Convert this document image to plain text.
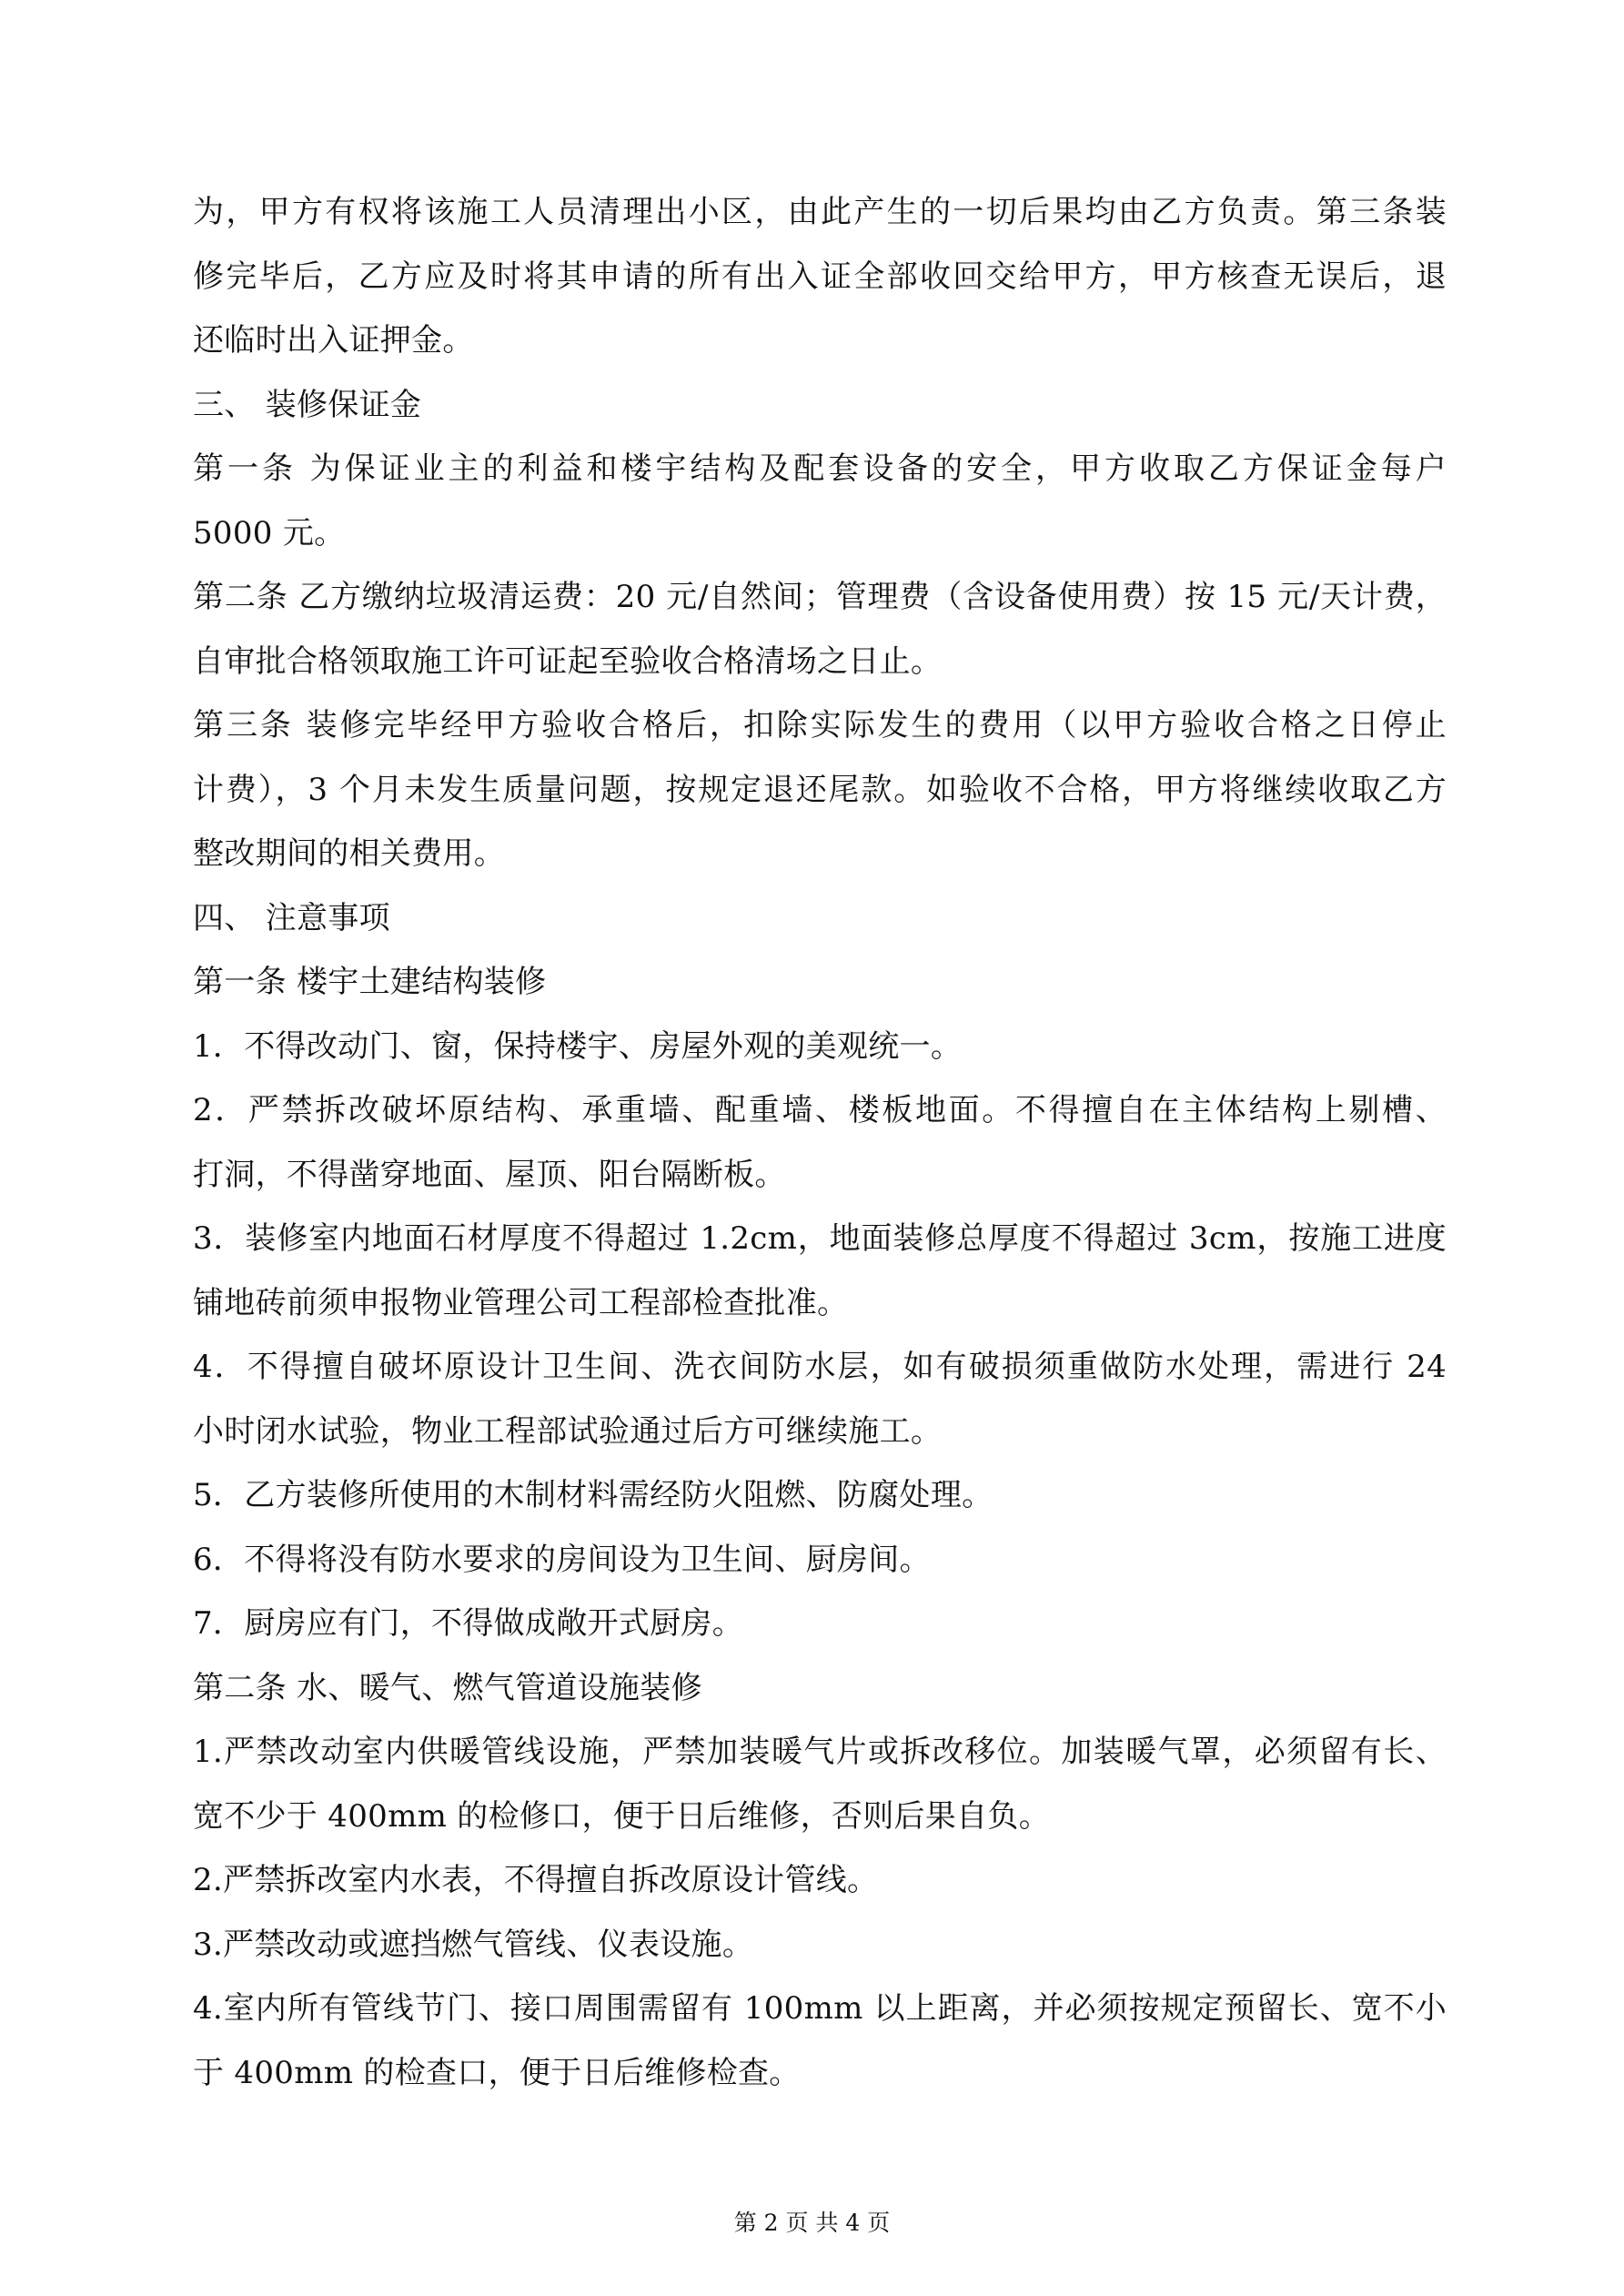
为，甲方有权将该施工人员清理出小区，由此产生的一切后果均由乙方负责。第三条装
修完毕后，乙方应及时将其申请的所有出入证全部收回交给甲方，甲方核查无误后，退
还临时出入证押金。
三、 装修保证金
第一条 为保证业主的利益和楼宇结构及配套设备的安全，甲方收取乙方保证金每户
5000 元。
第二条 乙方缴纳垃圾清运费：20 元/自然间；管理费（含设备使用费）按 15 元/天计费，
自审批合格领取施工许可证起至验收合格清场之日止。
第三条 装修完毕经甲方验收合格后，扣除实际发生的费用（以甲方验收合格之日停止
计费），3 个月未发生质量问题，按规定退还尾款。如验收不合格，甲方将继续收取乙方
整改期间的相关费用。
四、 注意事项
第一条 楼宇土建结构装修
1．不得改动门、窗，保持楼宇、房屋外观的美观统一。
2．严禁拆改破坏原结构、承重墙、配重墙、楼板地面。不得擅自在主体结构上剔槽、
打洞，不得凿穿地面、屋顶、阳台隔断板。
3．装修室内地面石材厚度不得超过 1.2cm，地面装修总厚度不得超过 3cm，按施工进度
铺地砖前须申报物业管理公司工程部检查批准。
4．不得擅自破坏原设计卫生间、洗衣间防水层，如有破损须重做防水处理，需进行 24
小时闭水试验，物业工程部试验通过后方可继续施工。
5．乙方装修所使用的木制材料需经防火阻燃、防腐处理。
6．不得将没有防水要求的房间设为卫生间、厨房间。
7．厨房应有门，不得做成敞开式厨房。
第二条 水、暖气、燃气管道设施装修
1.严禁改动室内供暖管线设施，严禁加装暖气片或拆改移位。加装暖气罩，必须留有长、
宽不少于 400mm 的检修口，便于日后维修，否则后果自负。
2.严禁拆改室内水表，不得擅自拆改原设计管线。
3.严禁改动或遮挡燃气管线、仪表设施。
4.室内所有管线节门、接口周围需留有 100mm 以上距离，并必须按规定预留长、宽不小
于 400mm 的检查口，便于日后维修检查。
第 2 页 共 4 页
